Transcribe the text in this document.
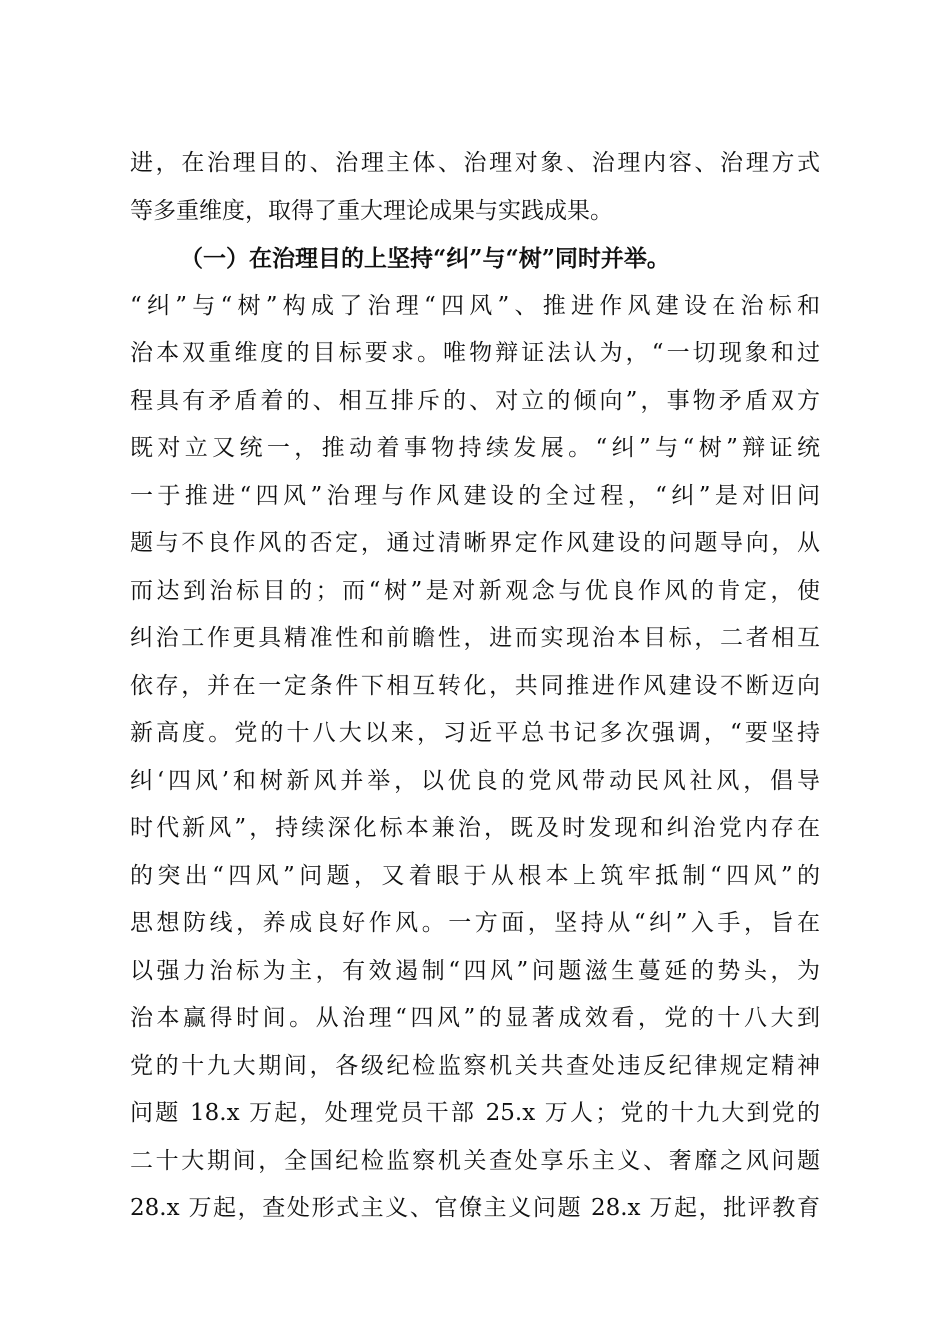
进，在治理目的、治理主体、治理对象、治理内容、治理方式
等多重维度，取得了重大理论成果与实践成果。
（一）在治理目的上坚持“纠”与“树”同时并举。
“纠”与“树”构成了治理“四风”、推进作风建设在治标和
治本双重维度的目标要求。唯物辩证法认为，“一切现象和过
程具有矛盾着的、相互排斥的、对立的倾向”，事物矛盾双方
既对立又统一，推动着事物持续发展。“纠”与“树”辩证统
一于推进“四风”治理与作风建设的全过程，“纠”是对旧问
题与不良作风的否定，通过清晰界定作风建设的问题导向，从
而达到治标目的；而“树”是对新观念与优良作风的肯定，使
纠治工作更具精准性和前瞻性，进而实现治本目标，二者相互
依存，并在一定条件下相互转化，共同推进作风建设不断迈向
新高度。党的十八大以来，习近平总书记多次强调，“要坚持
纠‘四风’和树新风并举，以优良的党风带动民风社风，倡导
时代新风”，持续深化标本兼治，既及时发现和纠治党内存在
的突出“四风”问题，又着眼于从根本上筑牢抵制“四风”的
思想防线，养成良好作风。一方面，坚持从“纠”入手，旨在
以强力治标为主，有效遏制“四风”问题滋生蔓延的势头，为
治本赢得时间。从治理“四风”的显著成效看，党的十八大到
党的十九大期间，各级纪检监察机关共查处违反纪律规定精神
问题 18.x 万起，处理党员干部 25.x 万人；党的十九大到党的
二十大期间，全国纪检监察机关查处享乐主义、奢靡之风问题
28.x 万起，查处形式主义、官僚主义问题 28.x 万起，批评教育
